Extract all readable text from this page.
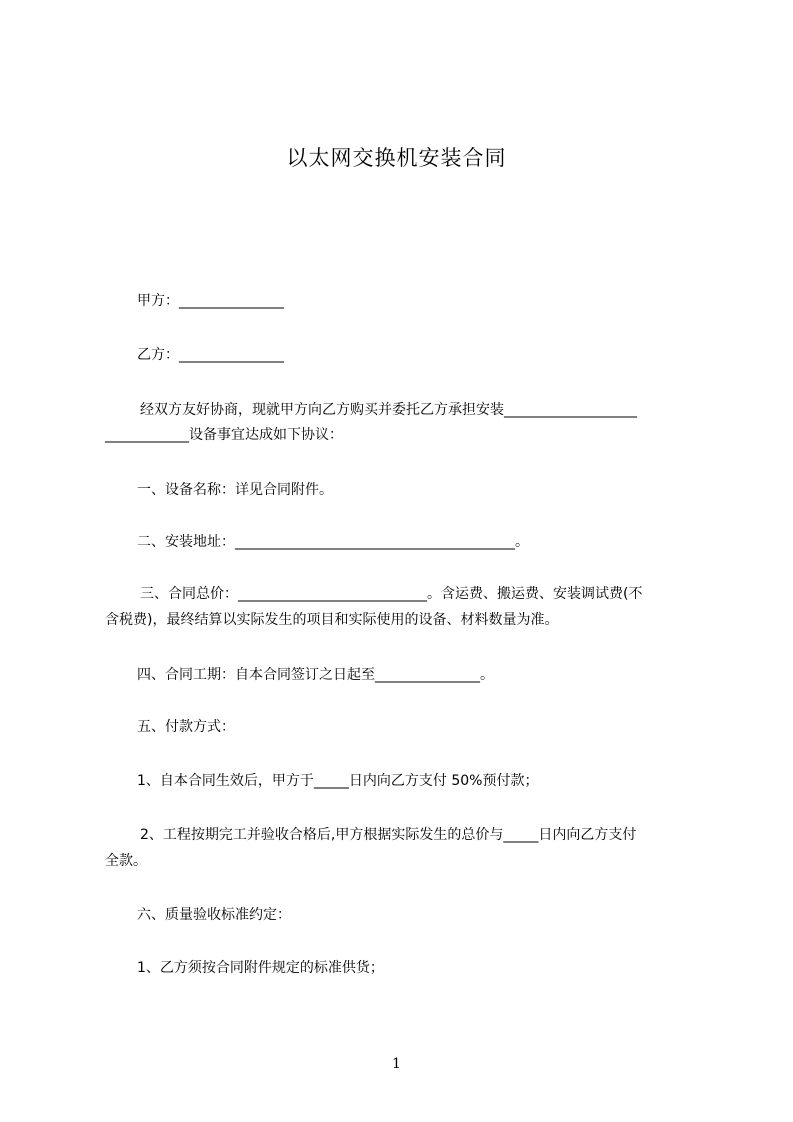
以太网交换机安装合同
甲方：_______________
乙方：_______________
经双方友好协商，现就甲方向乙方购买并委托乙方承担安装___________________
____________设备事宜达成如下协议：
一、设备名称：详见合同附件。
二、安装地址：________________________________________。
三、合同总价：___________________________。含运费、搬运费、安装调试费(不
含税费)，最终结算以实际发生的项目和实际使用的设备、材料数量为准。
四、合同工期：自本合同签订之日起至_______________。
五、付款方式：
1、自本合同生效后，甲方于_____日内向乙方支付 50%预付款；
2、工程按期完工并验收合格后,甲方根据实际发生的总价与_____日内向乙方支付
全款。
六、质量验收标准约定：
1、乙方须按合同附件规定的标准供货；
1
